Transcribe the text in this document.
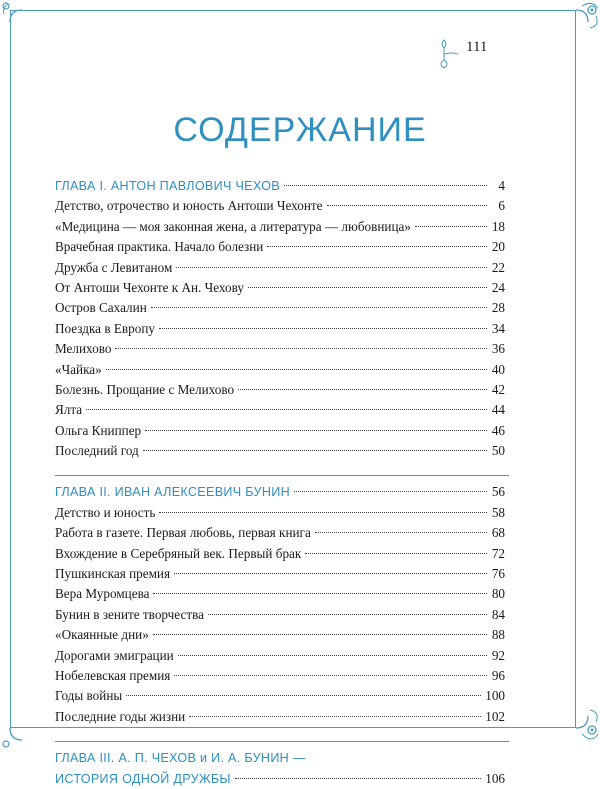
111
СОДЕРЖАНИЕ
ГЛАВА I. АНТОН ПАВЛОВИЧ ЧЕХОВ	4
Детство, отрочество и юность Антоши Чехонте	6
«Медицина — моя законная жена, а литература — любовница»	18
Врачебная практика. Начало болезни	20
Дружба с Левитаном	22
От Антоши Чехонте к Ан. Чехову	24
Остров Сахалин	28
Поездка в Европу	34
Мелихово	36
«Чайка»	40
Болезнь. Прощание с Мелихово	42
Ялта	44
Ольга Книппер	46
Последний год	50
ГЛАВА II. ИВАН АЛЕКСЕЕВИЧ БУНИН	56
Детство и юность	58
Работа в газете. Первая любовь, первая книга	68
Вхождение в Серебряный век. Первый брак	72
Пушкинская премия	76
Вера Муромцева	80
Бунин в зените творчества	84
«Окаянные дни»	88
Дорогами эмиграции	92
Нобелевская премия	96
Годы войны	100
Последние годы жизни	102
ГЛАВА III. А. П. ЧЕХОВ и И. А. БУНИН —
ИСТОРИЯ ОДНОЙ ДРУЖБЫ	106
